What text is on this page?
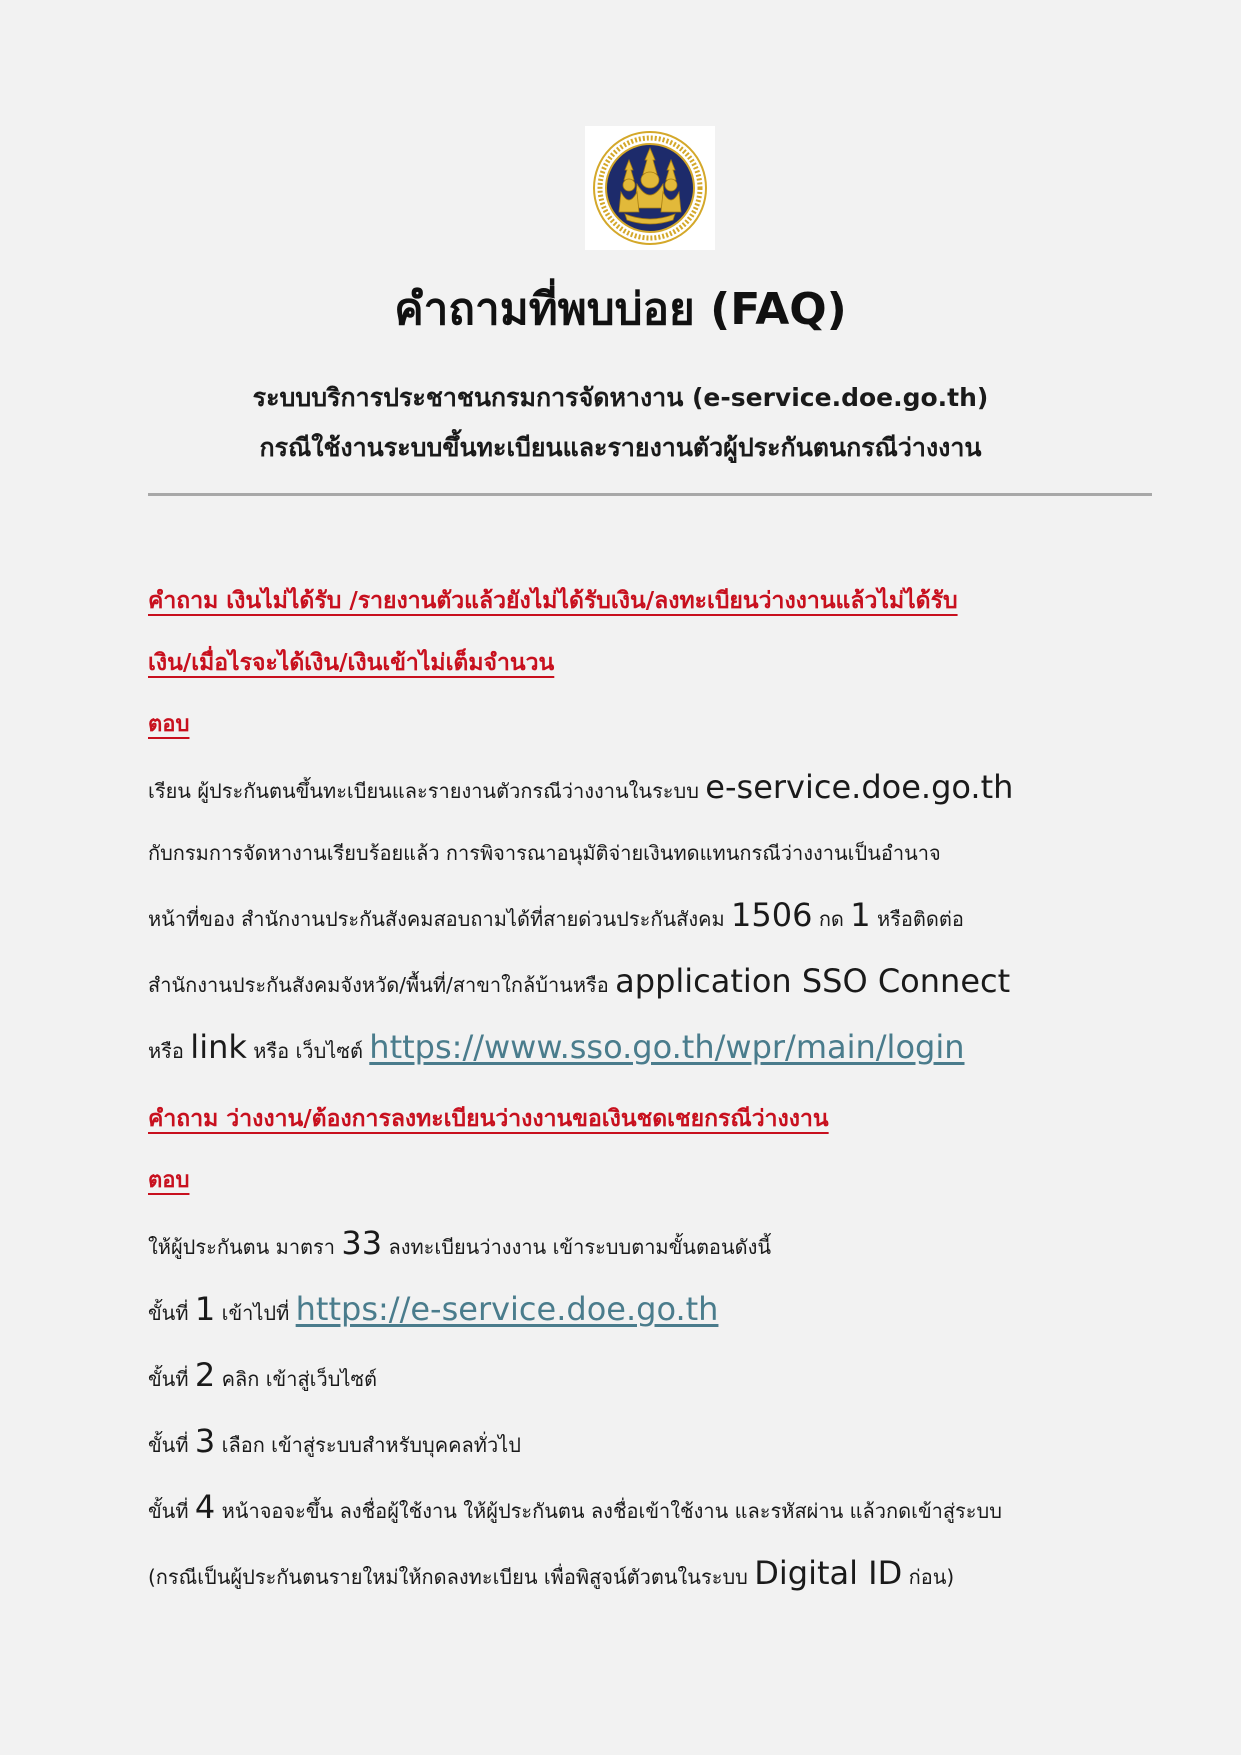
คำถามที่พบบ่อย (FAQ)
ระบบบริการประชาชนกรมการจัดหางาน (e-service.doe.go.th)
กรณีใช้งานระบบขึ้นทะเบียนและรายงานตัวผู้ประกันตนกรณีว่างงาน
คำถาม เงินไม่ได้รับ /รายงานตัวแล้วยังไม่ได้รับเงิน/ลงทะเบียนว่างงานแล้วไม่ได้รับ
เงิน/เมื่อไรจะได้เงิน/เงินเข้าไม่เต็มจำนวน
ตอบ
เรียน ผู้ประกันตนขึ้นทะเบียนและรายงานตัวกรณีว่างงานในระบบ e-service.doe.go.th
กับกรมการจัดหางานเรียบร้อยแล้ว การพิจารณาอนุมัติจ่ายเงินทดแทนกรณีว่างงานเป็นอำนาจ
หน้าที่ของ สำนักงานประกันสังคมสอบถามได้ที่สายด่วนประกันสังคม 1506 กด 1 หรือติดต่อ
สำนักงานประกันสังคมจังหวัด/พื้นที่/สาขาใกล้บ้านหรือ application SSO Connect
หรือ link หรือ เว็บไซต์ https://www.sso.go.th/wpr/main/login
คำถาม ว่างงาน/ต้องการลงทะเบียนว่างงานขอเงินชดเชยกรณีว่างงาน
ตอบ
ให้ผู้ประกันตน มาตรา 33 ลงทะเบียนว่างงาน เข้าระบบตามขั้นตอนดังนี้
ขั้นที่ 1 เข้าไปที่ https://e-service.doe.go.th
ขั้นที่ 2 คลิก เข้าสู่เว็บไซต์
ขั้นที่ 3 เลือก เข้าสู่ระบบสำหรับบุคคลทั่วไป
ขั้นที่ 4 หน้าจอจะขึ้น ลงชื่อผู้ใช้งาน ให้ผู้ประกันตน ลงชื่อเข้าใช้งาน และรหัสผ่าน แล้วกดเข้าสู่ระบบ
(กรณีเป็นผู้ประกันตนรายใหม่ให้กดลงทะเบียน เพื่อพิสูจน์ตัวตนในระบบ Digital ID ก่อน)
